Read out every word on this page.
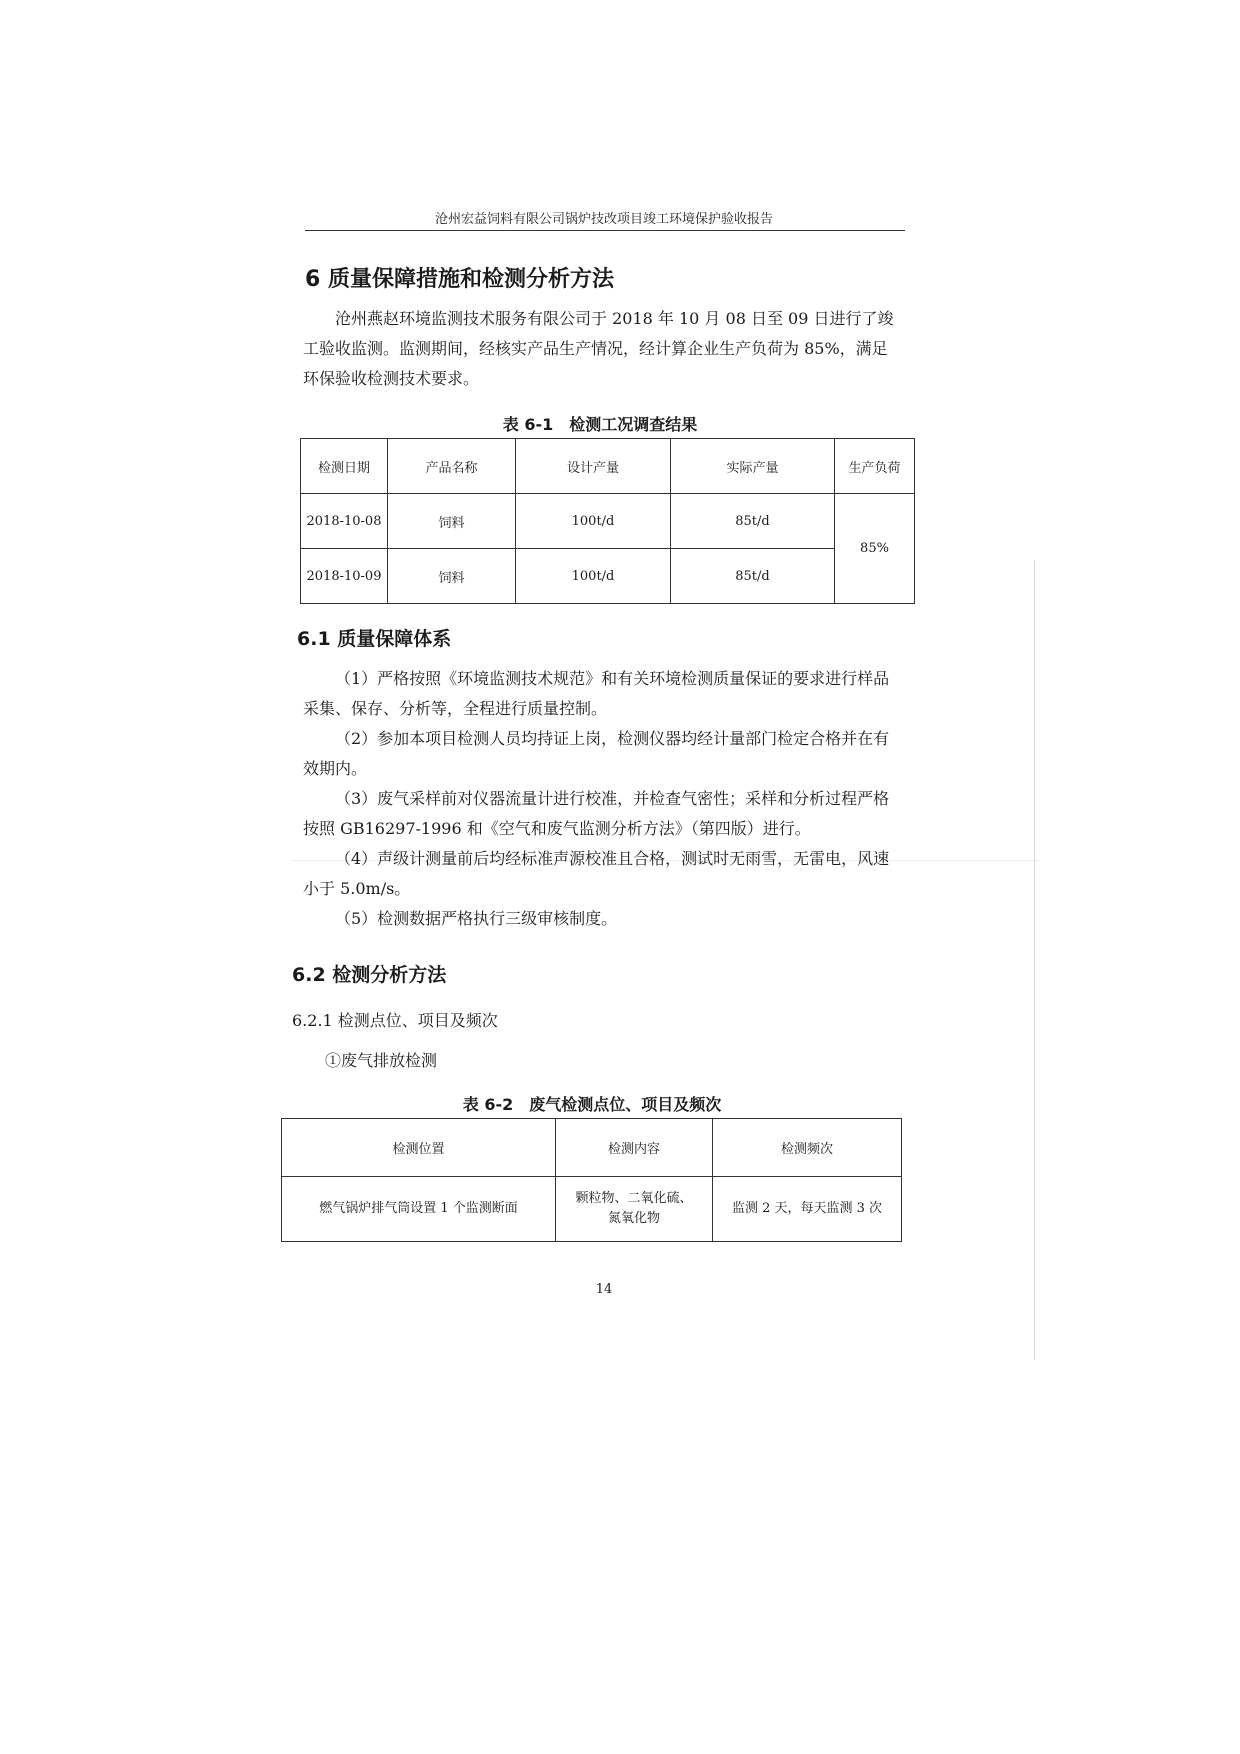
沧州宏益饲料有限公司锅炉技改项目竣工环境保护验收报告
6 质量保障措施和检测分析方法

沧州燕赵环境监测技术服务有限公司于 2018 年 10 月 08 日至 09 日进行了竣工验收监测。监测期间，经核实产品生产情况，经计算企业生产负荷为 85%，满足环保验收检测技术要求。

表 6-1　检测工况调查结果
检测日期	产品名称	设计产量	实际产量	生产负荷
2018-10-08	饲料	100t/d	85t/d	85%
2018-10-09	饲料	100t/d	85t/d	
6.1 质量保障体系

（1）严格按照《环境监测技术规范》和有关环境检测质量保证的要求进行样品采集、保存、分析等，全程进行质量控制。

（2）参加本项目检测人员均持证上岗，检测仪器均经计量部门检定合格并在有效期内。

（3）废气采样前对仪器流量计进行校准，并检查气密性；采样和分析过程严格按照 GB16297-1996 和《空气和废气监测分析方法》（第四版）进行。

（4）声级计测量前后均经标准声源校准且合格，测试时无雨雪，无雷电，风速小于 5.0m/s。

（5）检测数据严格执行三级审核制度。

6.2 检测分析方法
6.2.1 检测点位、项目及频次
①废气排放检测
表 6-2　废气检测点位、项目及频次
检测位置	检测内容	检测频次
燃气锅炉排气筒设置 1 个监测断面	颗粒物、二氧化硫、
氮氧化物	监测 2 天，每天监测 3 次
14
